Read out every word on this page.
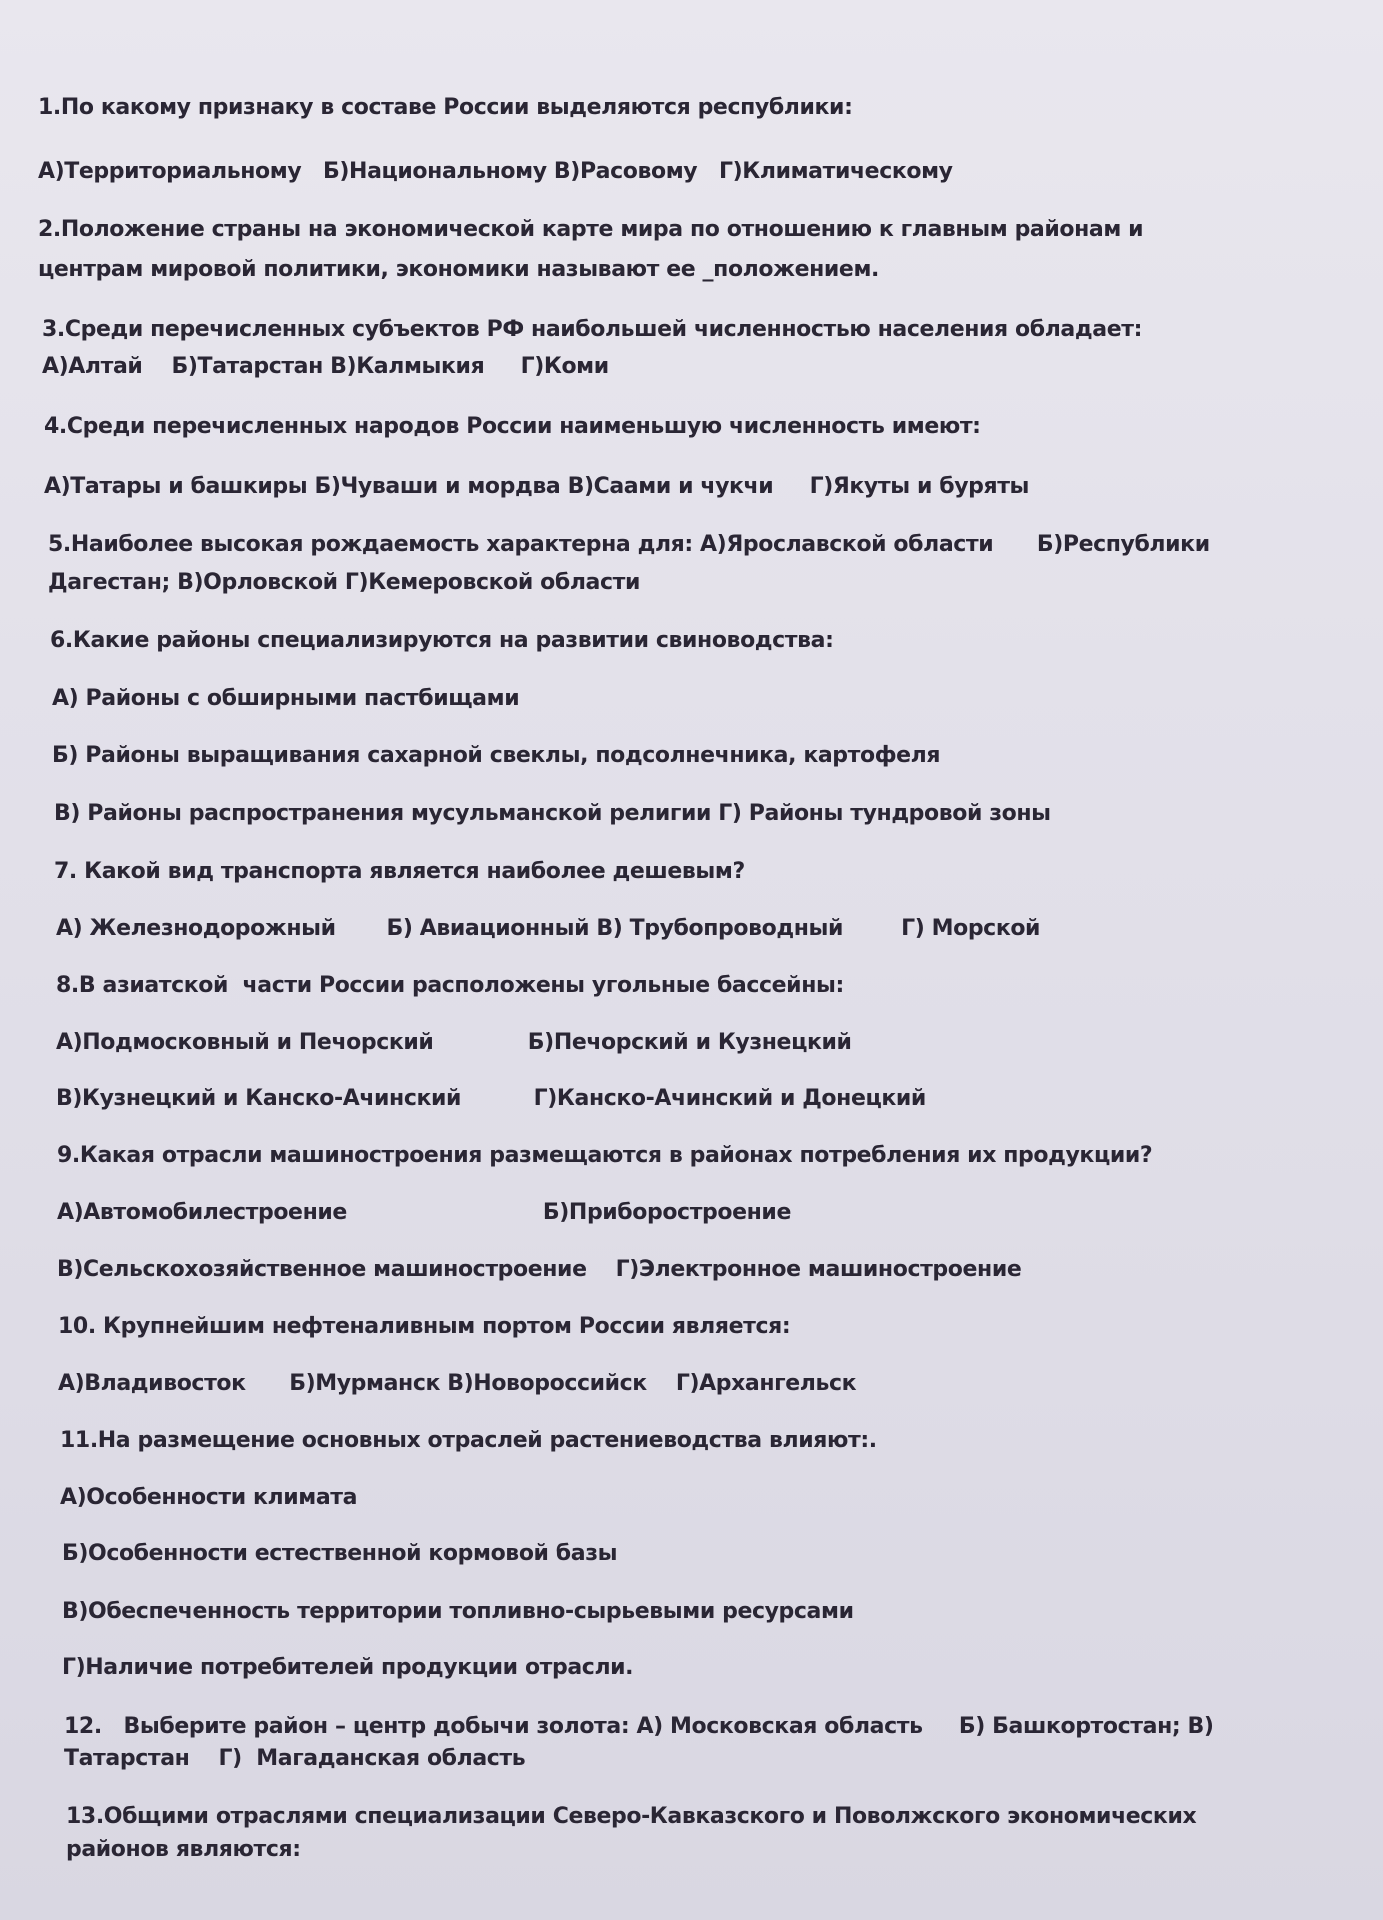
1.По какому признаку в составе России выделяются республики:
А)Территориальному   Б)Национальному В)Расовому   Г)Климатическому
2.Положение страны на экономической карте мира по отношению к главным районам и
центрам мировой политики, экономики называют ее _положением.
3.Среди перечисленных субъектов РФ наибольшей численностью населения обладает:
А)Алтай    Б)Татарстан В)Калмыкия     Г)Коми
4.Среди перечисленных народов России наименьшую численность имеют:
А)Татары и башкиры Б)Чуваши и мордва В)Саами и чукчи     Г)Якуты и буряты
5.Наиболее высокая рождаемость характерна для: А)Ярославской области      Б)Республики
Дагестан; В)Орловской Г)Кемеровской области
6.Какие районы специализируются на развитии свиноводства:
А) Районы с обширными пастбищами
Б) Районы выращивания сахарной свеклы, подсолнечника, картофеля
В) Районы распространения мусульманской религии Г) Районы тундровой зоны
7. Какой вид транспорта является наиболее дешевым?
А) Железнодорожный       Б) Авиационный В) Трубопроводный        Г) Морской
8.В азиатской  части России расположены угольные бассейны:
А)Подмосковный и Печорский             Б)Печорский и Кузнецкий
В)Кузнецкий и Канско-Ачинский          Г)Канско-Ачинский и Донецкий
9.Какая отрасли машиностроения размещаются в районах потребления их продукции?
А)Автомобилестроение                           Б)Приборостроение
В)Сельскохозяйственное машиностроение    Г)Электронное машиностроение
10. Крупнейшим нефтеналивным портом России является:
А)Владивосток      Б)Мурманск В)Новороссийск    Г)Архангельск
11.На размещение основных отраслей растениеводства влияют:.
А)Особенности климата
Б)Особенности естественной кормовой базы
В)Обеспеченность территории топливно-сырьевыми ресурсами
Г)Наличие потребителей продукции отрасли.
12.   Выберите район – центр добычи золота: А) Московская область     Б) Башкортостан; В)
Татарстан    Г)  Магаданская область
13.Общими отраслями специализации Северо-Кавказского и Поволжского экономических
районов являются:
